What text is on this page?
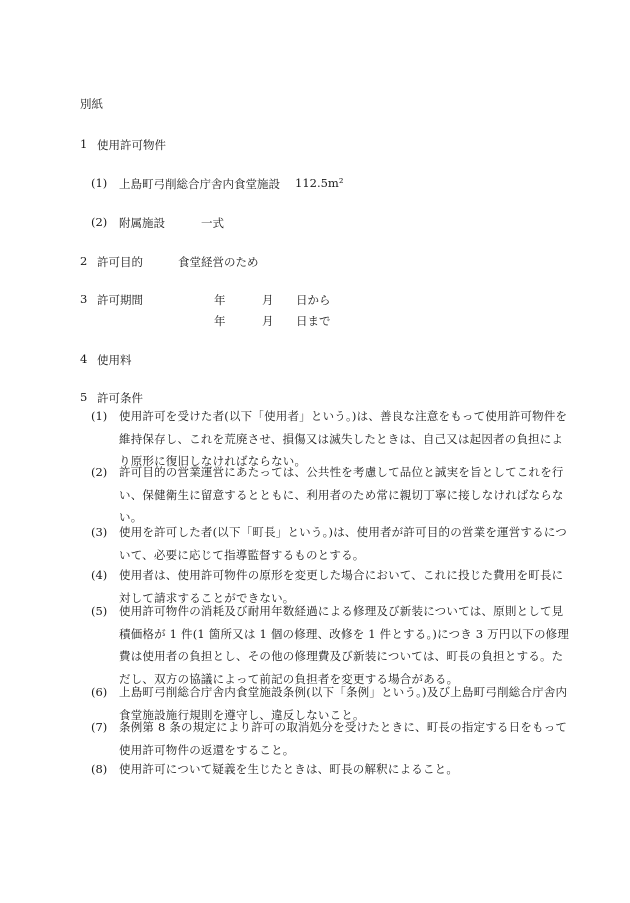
別紙
1 使用許可物件
(1) 上島町弓削総合庁舎内食堂施設 112.5m²
(2) 附属施設	一式
2 許可目的	食堂経営のため
3 許可期間	年	月 日から
年	月 日まで
4 使用料
5 許可条件
(1) 使用許可を受けた者(以下「使用者」という。)は、善良な注意をもって使用許可物件を維持保存し、これを荒廃させ、損傷又は滅失したときは、自己又は起因者の負担により原形に復旧しなければならない。
(2) 許可目的の営業運営にあたっては、公共性を考慮して品位と誠実を旨としてこれを行い、保健衛生に留意するとともに、利用者のため常に親切丁寧に接しなければならない。
(3) 使用を許可した者(以下「町長」という。)は、使用者が許可目的の営業を運営するについて、必要に応じて指導監督するものとする。
(4) 使用者は、使用許可物件の原形を変更した場合において、これに投じた費用を町長に対して請求することができない。
(5) 使用許可物件の消耗及び耐用年数経過による修理及び新装については、原則として見積価格が 1 件(1 箇所又は 1 個の修理、改修を 1 件とする。)につき 3 万円以下の修理費は使用者の負担とし、その他の修理費及び新装については、町長の負担とする。ただし、双方の協議によって前記の負担者を変更する場合がある。
(6) 上島町弓削総合庁舎内食堂施設条例(以下「条例」という。)及び上島町弓削総合庁舎内食堂施設施行規則を遵守し、違反しないこと。
(7) 条例第 8 条の規定により許可の取消処分を受けたときに、町長の指定する日をもって使用許可物件の返還をすること。
(8) 使用許可について疑義を生じたときは、町長の解釈によること。
